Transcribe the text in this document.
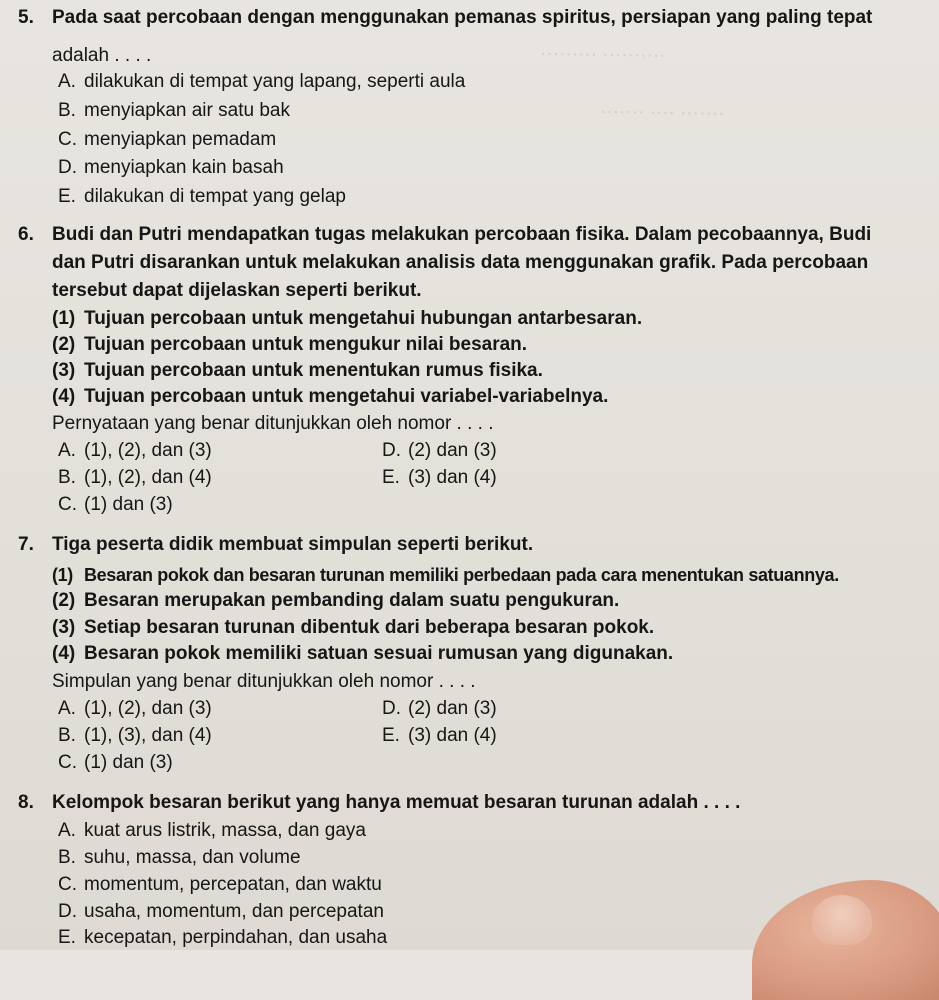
·········· ·········
······· ···· ·······
5. Pada saat percobaan dengan menggunakan pemanas spiritus, persiapan yang paling tepat
adalah . . . .
A. dilakukan di tempat yang lapang, seperti aula
B. menyiapkan air satu bak
C. menyiapkan pemadam
D. menyiapkan kain basah
E. dilakukan di tempat yang gelap
6. Budi dan Putri mendapatkan tugas melakukan percobaan fisika. Dalam pecobaannya, Budi
dan Putri disarankan untuk melakukan analisis data menggunakan grafik. Pada percobaan
tersebut dapat dijelaskan seperti berikut.
(1) Tujuan percobaan untuk mengetahui hubungan antarbesaran.
(2) Tujuan percobaan untuk mengukur nilai besaran.
(3) Tujuan percobaan untuk menentukan rumus fisika.
(4) Tujuan percobaan untuk mengetahui variabel-variabelnya.
Pernyataan yang benar ditunjukkan oleh nomor . . . .
A. (1), (2), dan (3)
B. (1), (2), dan (4)
C. (1) dan (3)
D. (2) dan (3)
E. (3) dan (4)
7. Tiga peserta didik membuat simpulan seperti berikut.
(1) Besaran pokok dan besaran turunan memiliki perbedaan pada cara menentukan satuannya.
(2) Besaran merupakan pembanding dalam suatu pengukuran.
(3) Setiap besaran turunan dibentuk dari beberapa besaran pokok.
(4) Besaran pokok memiliki satuan sesuai rumusan yang digunakan.
Simpulan yang benar ditunjukkan oleh nomor . . . .
A. (1), (2), dan (3)
B. (1), (3), dan (4)
C. (1) dan (3)
D. (2) dan (3)
E. (3) dan (4)
8. Kelompok besaran berikut yang hanya memuat besaran turunan adalah . . . .
A. kuat arus listrik, massa, dan gaya
B. suhu, massa, dan volume
C. momentum, percepatan, dan waktu
D. usaha, momentum, dan percepatan
E. kecepatan, perpindahan, dan usaha
